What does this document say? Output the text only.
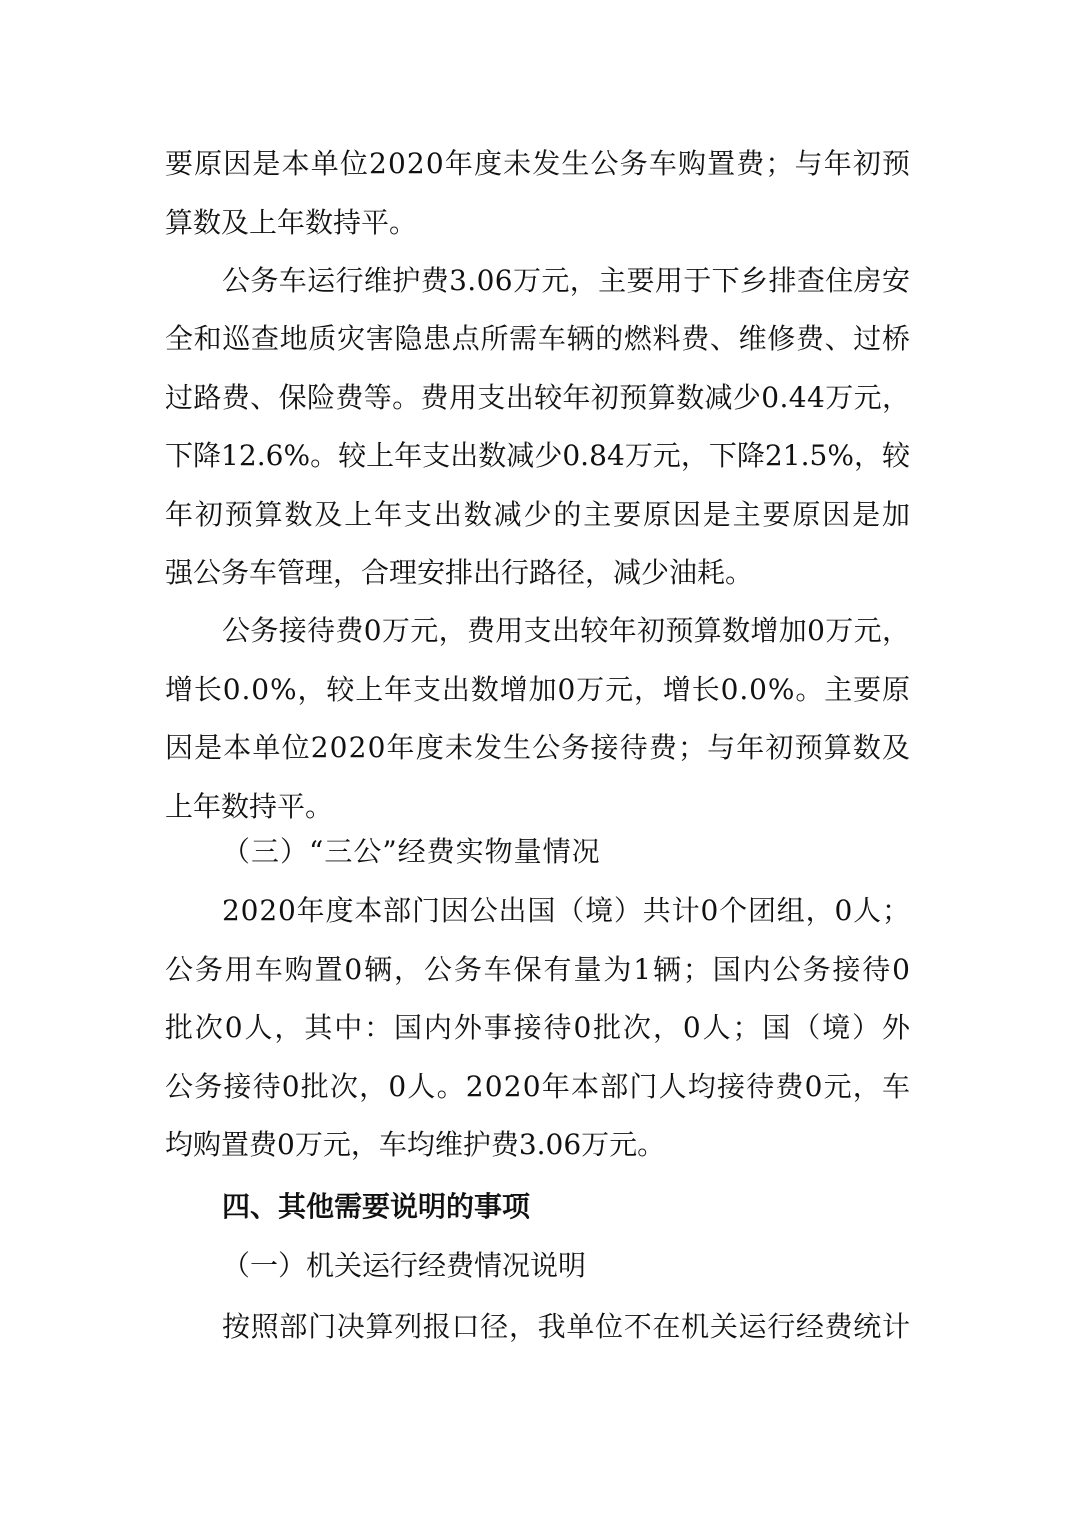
要原因是本单位2020年度未发生公务车购置费；与年初预
算数及上年数持平。
公务车运行维护费3.06万元，主要用于下乡排查住房安
全和巡查地质灾害隐患点所需车辆的燃料费、维修费、过桥
过路费、保险费等。费用支出较年初预算数减少0.44万元，
下降12.6%。较上年支出数减少0.84万元，下降21.5%，较
年初预算数及上年支出数减少的主要原因是主要原因是加
强公务车管理，合理安排出行路径，减少油耗。
公务接待费0万元，费用支出较年初预算数增加0万元，
增长0.0%，较上年支出数增加0万元，增长0.0%。主要原
因是本单位2020年度未发生公务接待费；与年初预算数及
上年数持平。
（三）“三公”经费实物量情况
2020年度本部门因公出国（境）共计0个团组，0人；
公务用车购置0辆，公务车保有量为1辆；国内公务接待0
批次0人，其中：国内外事接待0批次，0人；国（境）外
公务接待0批次，0人。2020年本部门人均接待费0元，车
均购置费0万元，车均维护费3.06万元。
四、其他需要说明的事项
（一）机关运行经费情况说明
按照部门决算列报口径，我单位不在机关运行经费统计
